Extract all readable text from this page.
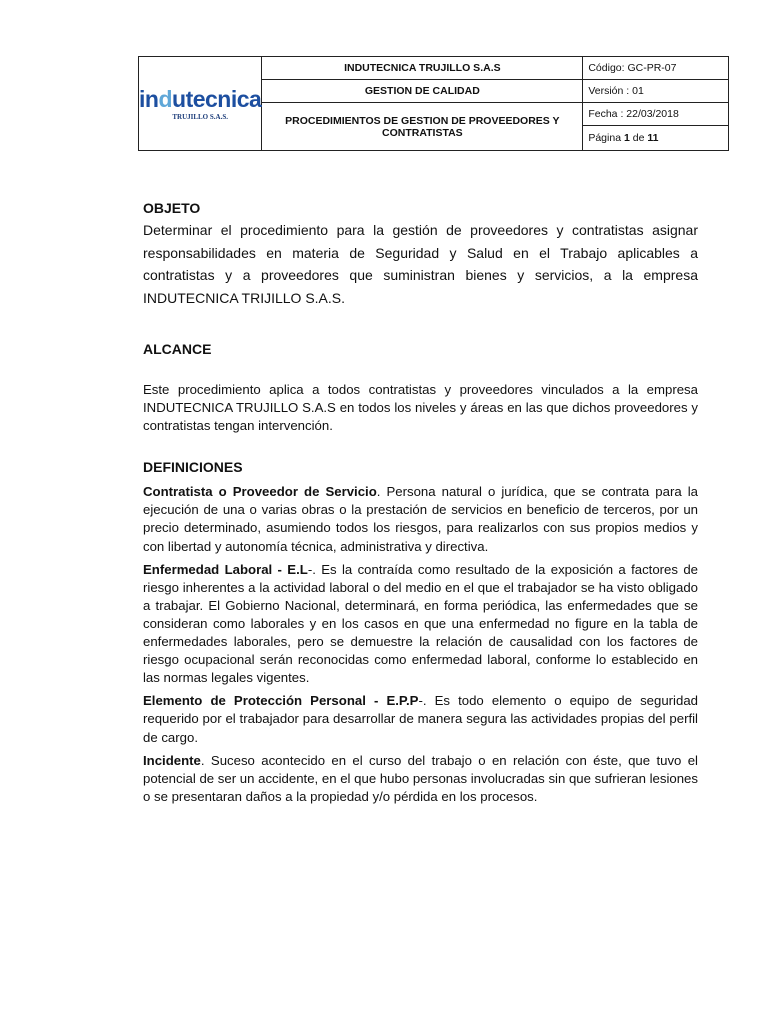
indutecnica
TRUJILLO S.A.S.	INDUTECNICA TRUJILLO S.A.S	Código: GC-PR-07
	GESTION DE CALIDAD	Versión : 01
	PROCEDIMIENTOS DE GESTION DE PROVEEDORES Y CONTRATISTAS	Fecha : 22/03/2018
		Página 1 de 11
OBJETO

Determinar el procedimiento para la gestión de proveedores y contratistas asignar responsabilidades en materia de Seguridad y Salud en el Trabajo aplicables a contratistas y a proveedores que suministran bienes y servicios, a la empresa INDUTECNICA TRIJILLO S.A.S.

ALCANCE

Este procedimiento aplica a todos contratistas y proveedores vinculados a la empresa INDUTECNICA TRUJILLO S.A.S en todos los niveles y áreas en las que dichos proveedores y contratistas tengan intervención.

DEFINICIONES

Contratista o Proveedor de Servicio. Persona natural o jurídica, que se contrata para la ejecución de una o varias obras o la prestación de servicios en beneficio de terceros, por un precio determinado, asumiendo todos los riesgos, para realizarlos con sus propios medios y con libertad y autonomía técnica, administrativa y directiva.

Enfermedad Laboral - E.L-. Es la contraída como resultado de la exposición a factores de riesgo inherentes a la actividad laboral o del medio en el que el trabajador se ha visto obligado a trabajar. El Gobierno Nacional, determinará, en forma periódica, las enfermedades que se consideran como laborales y en los casos en que una enfermedad no figure en la tabla de enfermedades laborales, pero se demuestre la relación de causalidad con los factores de riesgo ocupacional serán reconocidas como enfermedad laboral, conforme lo establecido en las normas legales vigentes.

Elemento de Protección Personal - E.P.P-. Es todo elemento o equipo de seguridad requerido por el trabajador para desarrollar de manera segura las actividades propias del perfil de cargo.

Incidente. Suceso acontecido en el curso del trabajo o en relación con éste, que tuvo el potencial de ser un accidente, en el que hubo personas involucradas sin que sufrieran lesiones o se presentaran daños a la propiedad y/o pérdida en los procesos.
